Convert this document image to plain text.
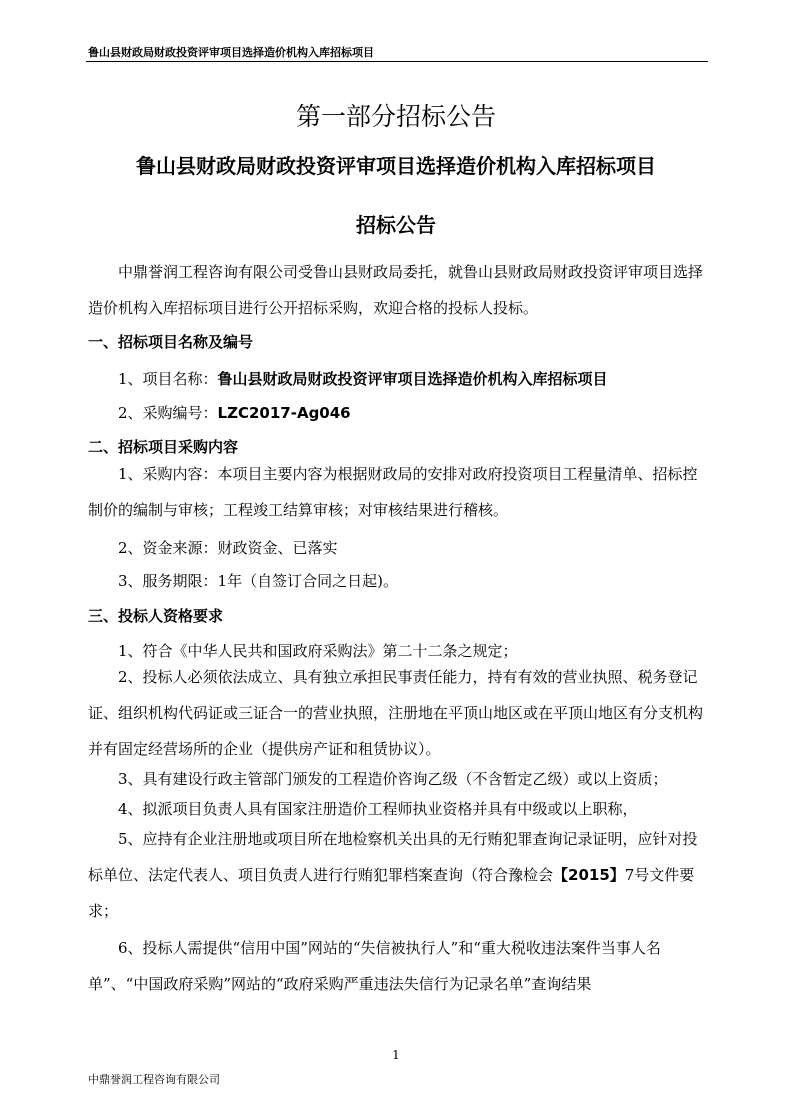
鲁山县财政局财政投资评审项目选择造价机构入库招标项目
第一部分招标公告
鲁山县财政局财政投资评审项目选择造价机构入库招标项目
招标公告
中鼎誉润工程咨询有限公司受鲁山县财政局委托，就鲁山县财政局财政投资评审项目选择造价机构入库招标项目进行公开招标采购，欢迎合格的投标人投标。
一、招标项目名称及编号
1、项目名称：鲁山县财政局财政投资评审项目选择造价机构入库招标项目
2、采购编号：LZC2017-Ag046
二、招标项目采购内容
1、采购内容：本项目主要内容为根据财政局的安排对政府投资项目工程量清单、招标控制价的编制与审核；工程竣工结算审核；对审核结果进行稽核。
2、资金来源：财政资金、已落实
3、服务期限：1年（自签订合同之日起)。
三、投标人资格要求
1、符合《中华人民共和国政府采购法》第二十二条之规定；
2、投标人必须依法成立、具有独立承担民事责任能力，持有有效的营业执照、税务登记证、组织机构代码证或三证合一的营业执照，注册地在平顶山地区或在平顶山地区有分支机构并有固定经营场所的企业（提供房产证和租赁协议）。
3、具有建设行政主管部门颁发的工程造价咨询乙级（不含暂定乙级）或以上资质；
4、拟派项目负责人具有国家注册造价工程师执业资格并具有中级或以上职称，
5、应持有企业注册地或项目所在地检察机关出具的无行贿犯罪查询记录证明，应针对投标单位、法定代表人、项目负责人进行行贿犯罪档案查询（符合豫检会【2015】7号文件要求；
6、投标人需提供“信用中国”网站的“失信被执行人”和“重大税收违法案件当事人名单”、“中国政府采购”网站的“政府采购严重违法失信行为记录名单”查询结果
1
中鼎誉润工程咨询有限公司
